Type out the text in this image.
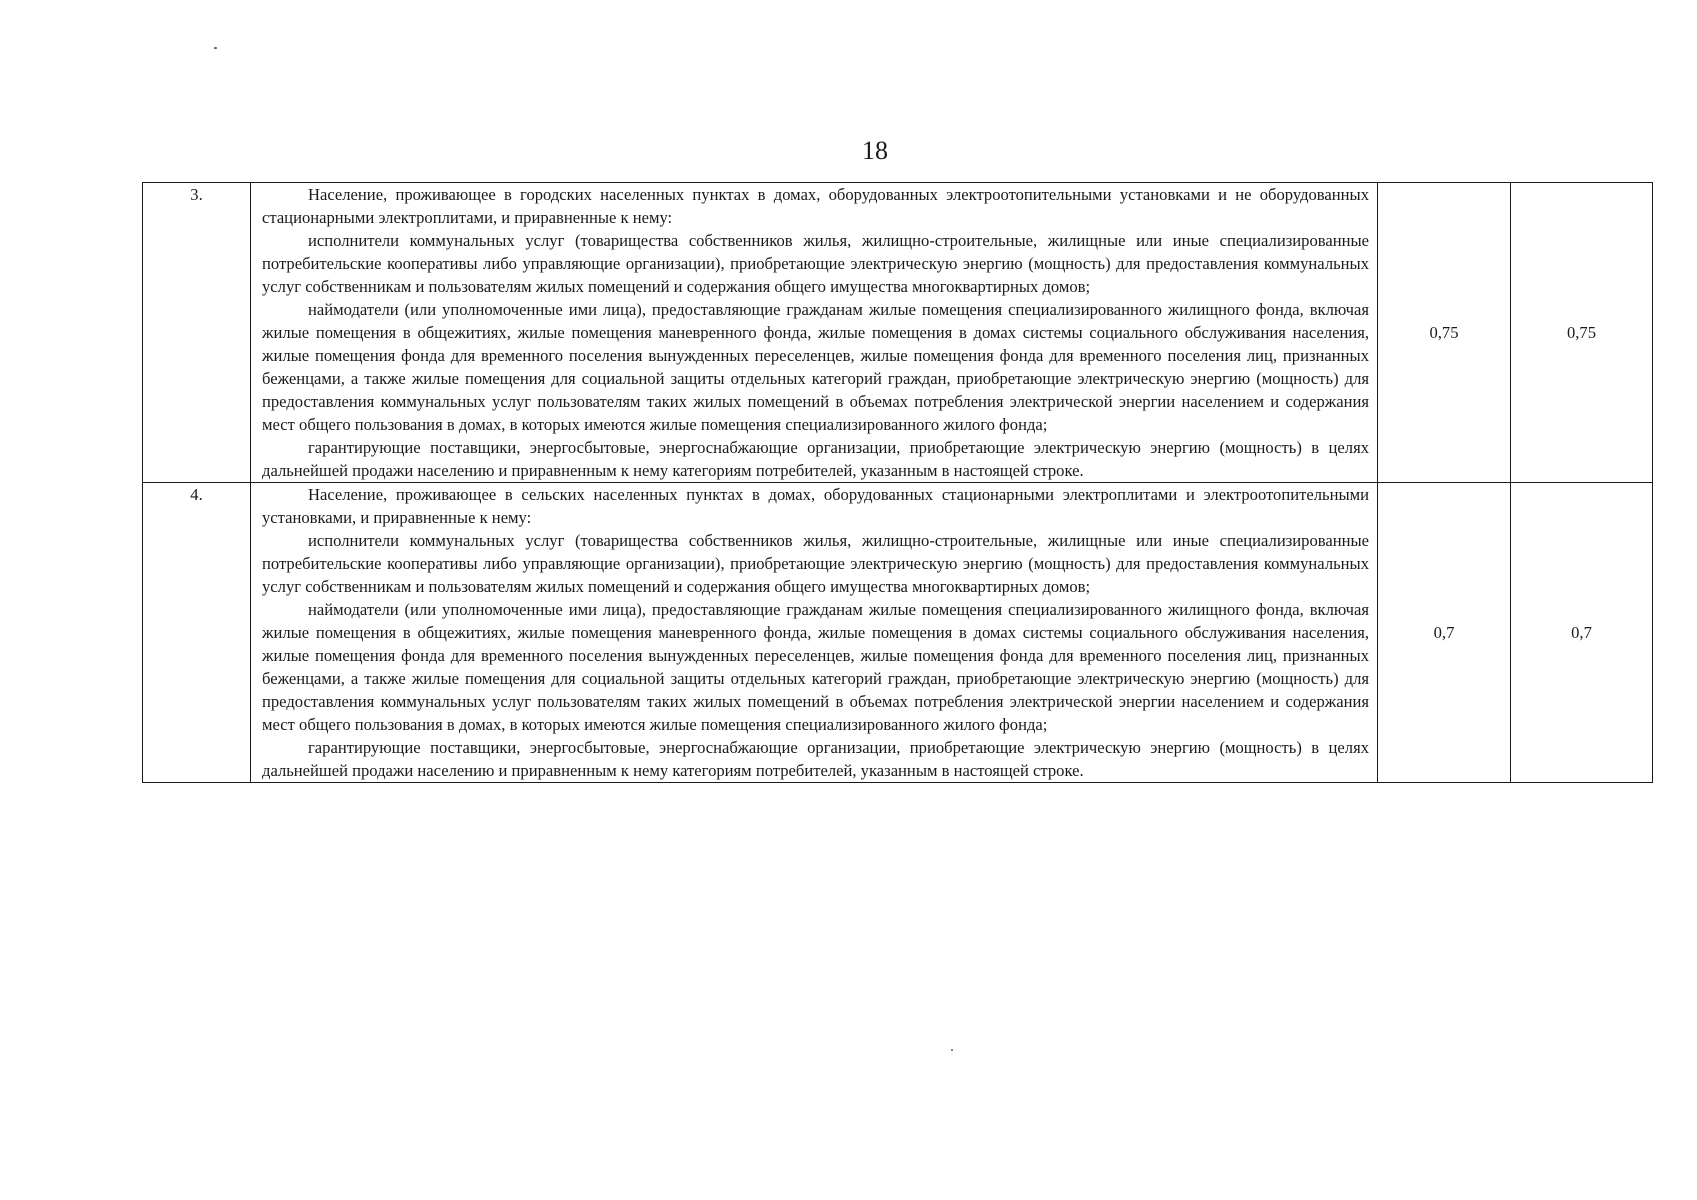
18
3.	Население, проживающее в городских населенных пунктах в домах, оборудованных электроотопительными установками и не оборудованных стационарными электроплитами, и приравненные к нему:

исполнители коммунальных услуг (товарищества собственников жилья, жилищно-строительные, жилищные или иные специализированные потребительские кооперативы либо управляющие организации), приобретающие электрическую энергию (мощность) для предоставления коммунальных услуг собственникам и пользователям жилых помещений и содержания общего имущества многоквартирных домов;

наймодатели (или уполномоченные ими лица), предоставляющие гражданам жилые помещения специализированного жилищного фонда, включая жилые помещения в общежитиях, жилые помещения маневренного фонда, жилые помещения в домах системы социального обслуживания населения, жилые помещения фонда для временного поселения вынужденных переселенцев, жилые помещения фонда для временного поселения лиц, признанных беженцами, а также жилые помещения для социальной защиты отдельных категорий граждан, приобретающие электрическую энергию (мощность) для предоставления коммунальных услуг пользователям таких жилых помещений в объемах потребления электрической энергии населением и содержания мест общего пользования в домах, в которых имеются жилые помещения специализированного жилого фонда;

гарантирующие поставщики, энергосбытовые, энергоснабжающие организации, приобретающие электрическую энергию (мощность) в целях дальнейшей продажи населению и приравненным к нему категориям потребителей, указанным в настоящей строке.	0,75	0,75
4.	Население, проживающее в сельских населенных пунктах в домах, оборудованных стационарными электроплитами и электроотопительными установками, и приравненные к нему:

исполнители коммунальных услуг (товарищества собственников жилья, жилищно-строительные, жилищные или иные специализированные потребительские кооперативы либо управляющие организации), приобретающие электрическую энергию (мощность) для предоставления коммунальных услуг собственникам и пользователям жилых помещений и содержания общего имущества многоквартирных домов;

наймодатели (или уполномоченные ими лица), предоставляющие гражданам жилые помещения специализированного жилищного фонда, включая жилые помещения в общежитиях, жилые помещения маневренного фонда, жилые помещения в домах системы социального обслуживания населения, жилые помещения фонда для временного поселения вынужденных переселенцев, жилые помещения фонда для временного поселения лиц, признанных беженцами, а также жилые помещения для социальной защиты отдельных категорий граждан, приобретающие электрическую энергию (мощность) для предоставления коммунальных услуг пользователям таких жилых помещений в объемах потребления электрической энергии населением и содержания мест общего пользования в домах, в которых имеются жилые помещения специализированного жилого фонда;

гарантирующие поставщики, энергосбытовые, энергоснабжающие организации, приобретающие электрическую энергию (мощность) в целях дальнейшей продажи населению и приравненным к нему категориям потребителей, указанным в настоящей строке.	0,7	0,7
